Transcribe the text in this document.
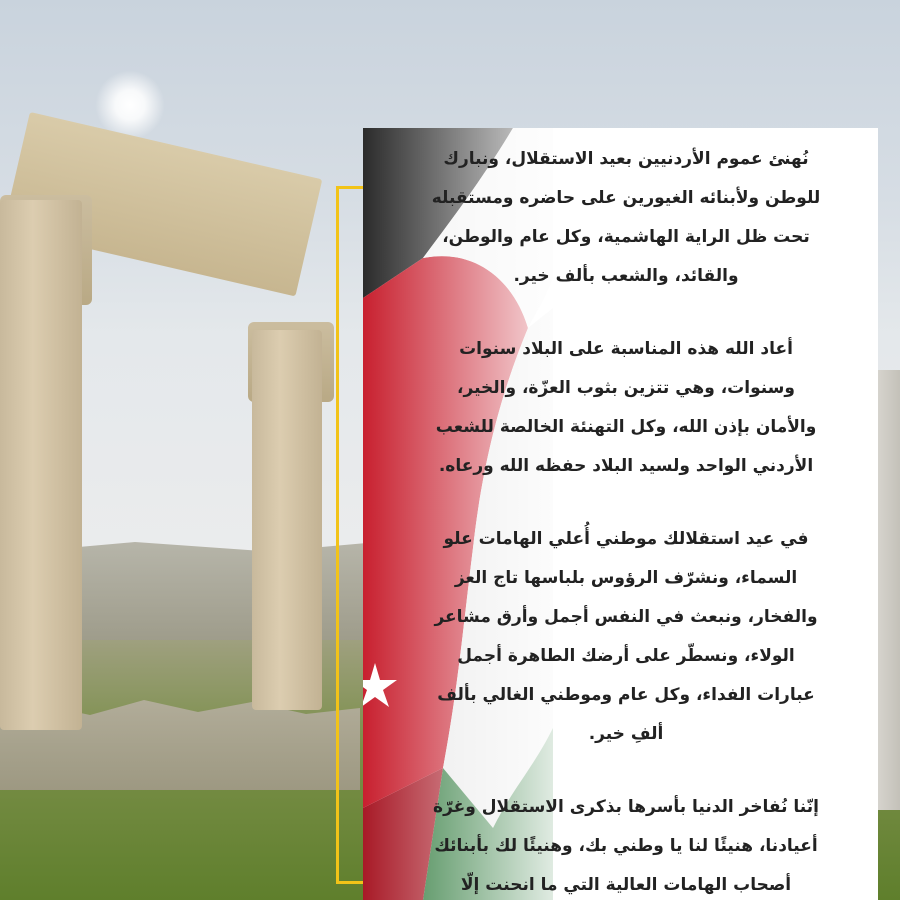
نُهنئ عموم الأردنيين بعيد الاستقلال، ونبارك للوطن ولأبنائه الغيورين على حاضره ومستقبله تحت ظل الراية الهاشمية، وكل عام والوطن، والقائد، والشعب بألف خير.

أعاد الله هذه المناسبة على البلاد سنوات وسنوات، وهي تتزين بثوب العزّة، والخير، والأمان بإذن الله، وكل التهنئة الخالصة للشعب الأردني الواحد ولسيد البلاد حفظه الله ورعاه.

في عيد استقلالك موطني أُعلي الهامات علو السماء، ونشرّف الرؤوس بلباسها تاج العز والفخار، ونبعث في النفس أجمل وأرق مشاعر الولاء، ونسطّر على أرضك الطاهرة أجمل عبارات الفداء، وكل عام وموطني الغالي بألف ألفِ خير.

إنّنا نُفاخر الدنيا بأسرها بذكرى الاستقلال وغرّة أعيادنا، هنيئًا لنا يا وطني بك، وهنيئًا لك بأبنائك أصحاب الهامات العالية التي ما انحنت إلّا
